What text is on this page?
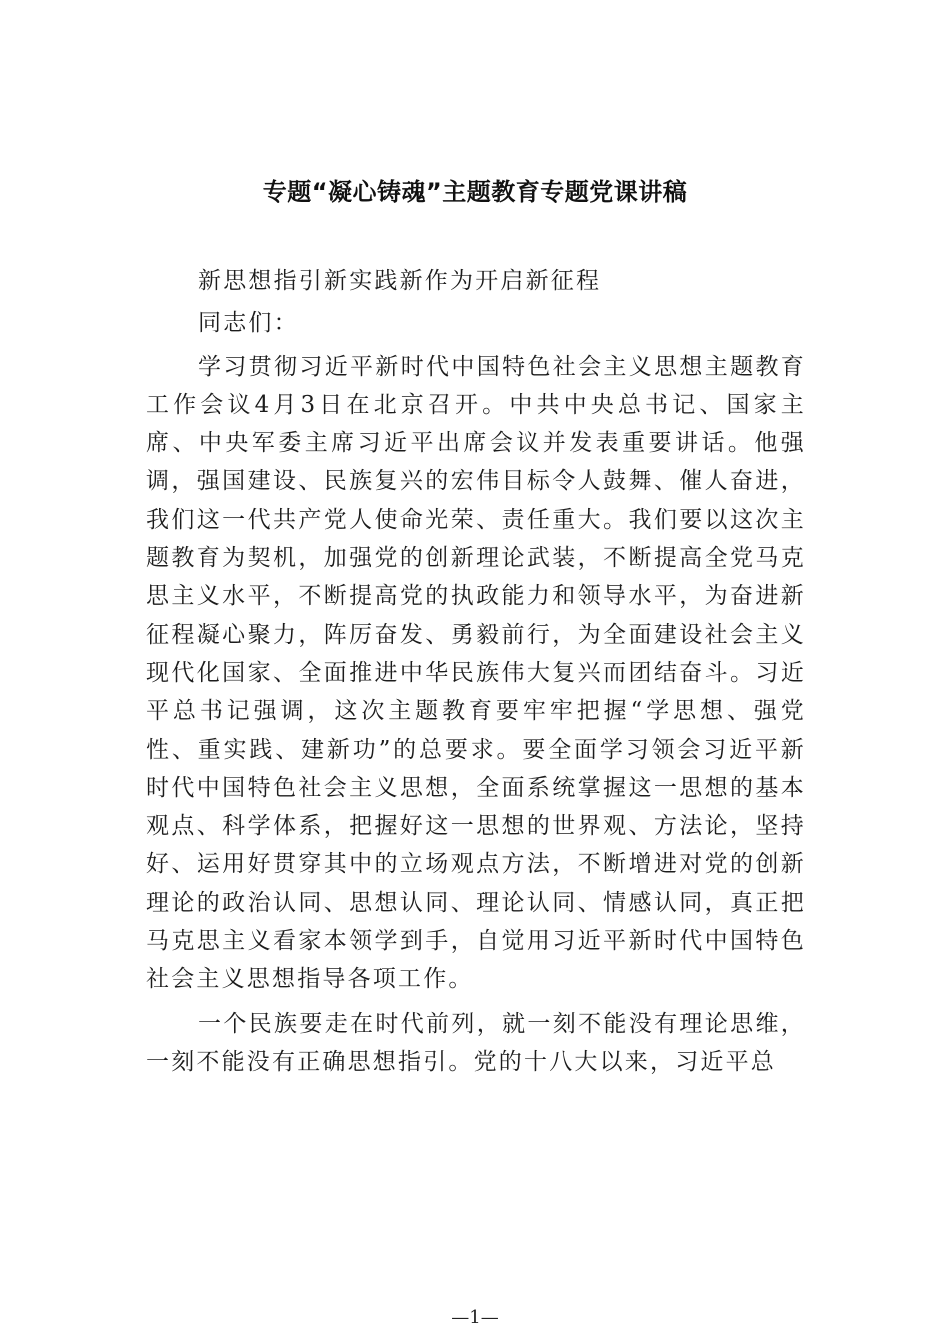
专题“凝心铸魂”主题教育专题党课讲稿

新思想指引新实践新作为开启新征程

同志们：

学习贯彻习近平新时代中国特色社会主义思想主题教育工作会议4月3日在北京召开。中共中央总书记、国家主席、中央军委主席习近平出席会议并发表重要讲话。他强调，强国建设、民族复兴的宏伟目标令人鼓舞、催人奋进，我们这一代共产党人使命光荣、责任重大。我们要以这次主题教育为契机，加强党的创新理论武装，不断提高全党马克思主义水平，不断提高党的执政能力和领导水平，为奋进新征程凝心聚力，阵厉奋发、勇毅前行，为全面建设社会主义现代化国家、全面推进中华民族伟大复兴而团结奋斗。习近平总书记强调，这次主题教育要牢牢把握“学思想、强党性、重实践、建新功”的总要求。要全面学习领会习近平新时代中国特色社会主义思想，全面系统掌握这一思想的基本观点、科学体系，把握好这一思想的世界观、方法论，坚持好、运用好贯穿其中的立场观点方法，不断增进对党的创新理论的政治认同、思想认同、理论认同、情感认同，真正把马克思主义看家本领学到手，自觉用习近平新时代中国特色社会主义思想指导各项工作。

一个民族要走在时代前列，就一刻不能没有理论思维，一刻不能没有正确思想指引。党的十八大以来，习近平总

—1—
